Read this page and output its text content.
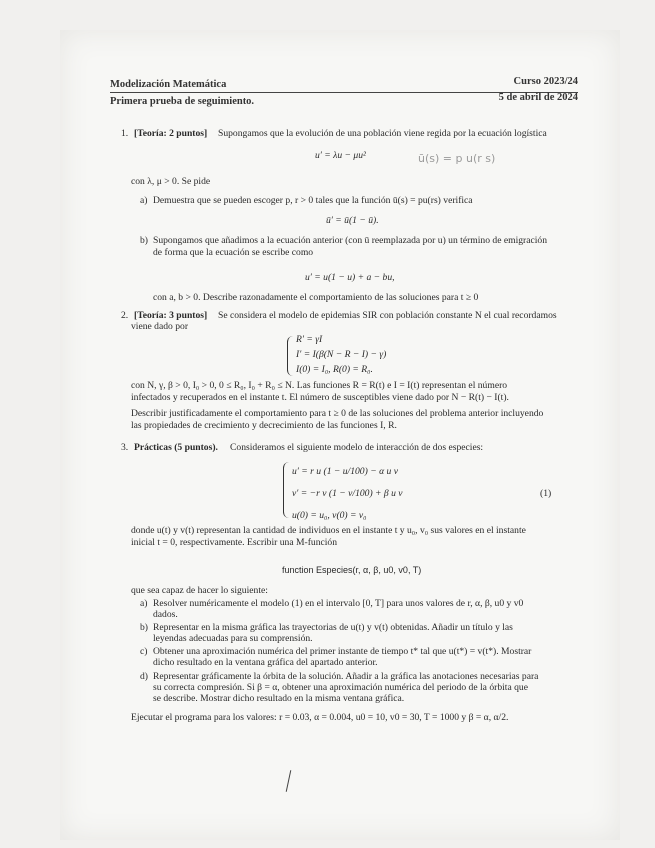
Modelización Matemática	Curso 2023/24
Primera prueba de seguimiento.	5 de abril de 2024
1. [Teoría: 2 puntos] Supongamos que la evolución de una población viene regida por la ecuación logística
u′ = λu − μu²	ū(s) = p u(r s)
con λ, μ > 0. Se pide
a) Demuestra que se pueden escoger p, r > 0 tales que la función ū(s) = pu(rs) verifica
ū′ = ū(1 − ū).
b) Supongamos que añadimos a la ecuación anterior (con ū reemplazada por u) un término de emigración
de forma que la ecuación se escribe como
u′ = u(1 − u) + a − bu,
con a, b > 0. Describe razonadamente el comportamiento de las soluciones para t ≥ 0
2. [Teoría: 3 puntos] Se considera el modelo de epidemias SIR con población constante N el cual recordamos
viene dado por
R′ = γI
I′ = I(β(N − R − I) − γ)
I(0) = I₀, R(0) = R₀.
con N, γ, β > 0, I₀ > 0, 0 ≤ R₀, I₀ + R₀ ≤ N. Las funciones R = R(t) e I = I(t) representan el número
infectados y recuperados en el instante t. El número de susceptibles viene dado por N − R(t) − I(t).
Describir justificadamente el comportamiento para t ≥ 0 de las soluciones del problema anterior incluyendo
las propiedades de crecimiento y decrecimiento de las funciones I, R.
3. Prácticas (5 puntos). Consideramos el siguiente modelo de interacción de dos especies:
u′ = r u (1 − u/100) − α u v
v′ = −r v (1 − v/100) + β u v
u(0) = u₀, v(0) = v₀
(1)
donde u(t) y v(t) representan la cantidad de individuos en el instante t y u₀, v₀ sus valores en el instante
inicial t = 0, respectivamente. Escribir una M-función
function Especies(r, α, β, u0, v0, T)
que sea capaz de hacer lo siguiente:
a) Resolver numéricamente el modelo (1) en el intervalo [0, T] para unos valores de r, α, β, u0 y v0
dados.
b) Representar en la misma gráfica las trayectorias de u(t) y v(t) obtenidas. Añadir un título y las
leyendas adecuadas para su comprensión.
c) Obtener una aproximación numérica del primer instante de tiempo t* tal que u(t*) = v(t*). Mostrar
dicho resultado en la ventana gráfica del apartado anterior.
d) Representar gráficamente la órbita de la solución. Añadir a la gráfica las anotaciones necesarias para
su correcta compresión. Si β = α, obtener una aproximación numérica del periodo de la órbita que
se describe. Mostrar dicho resultado en la misma ventana gráfica.
Ejecutar el programa para los valores: r = 0.03, α = 0.004, u0 = 10, v0 = 30, T = 1000 y β = α, α/2.
